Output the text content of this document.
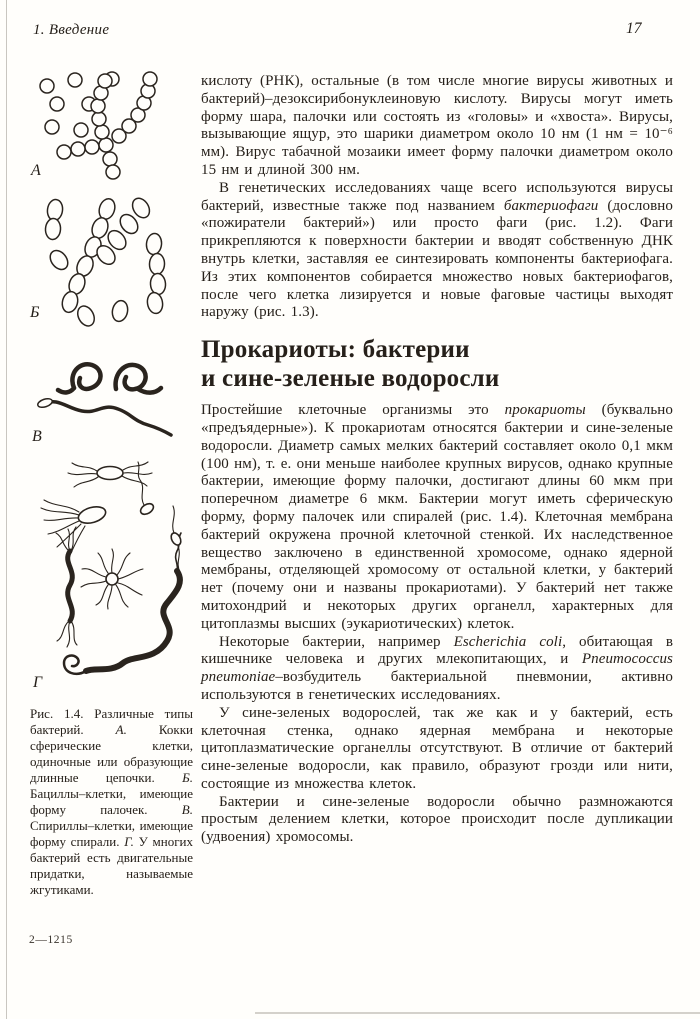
1. Введение	17
А
Б
В
Г

Рис. 1.4. Различные типы бактерий. А. Кокки сферические клетки, одиночные или образующие длинные цепочки. Б. Бациллы–клетки, имеющие форму палочек. В. Спириллы–клетки, имеющие форму спирали. Г. У многих бактерий есть двигательные придатки, называемые жгутиками.

2—1215

кислоту (РНК), остальные (в том числе многие вирусы животных и бактерий)–дезоксирибонуклеиновую кислоту. Вирусы могут иметь форму шара, палочки или состоять из «головы» и «хвоста». Вирусы, вызывающие ящур, это шарики диаметром около 10 нм (1 нм = 10⁻⁶ мм). Вирус табачной мозаики имеет форму палочки диаметром около 15 нм и длиной 300 нм.

В генетических исследованиях чаще всего используются вирусы бактерий, известные также под названием бактериофаги (дословно «пожиратели бактерий») или просто фаги (рис. 1.2). Фаги прикрепляются к поверхности бактерии и вводят собственную ДНК внутрь клетки, заставляя ее синтезировать компоненты бактериофага. Из этих компонентов собирается множество новых бактериофагов, после чего клетка лизируется и новые фаговые частицы выходят наружу (рис. 1.3).

Прокариоты: бактерии
и сине-зеленые водоросли

Простейшие клеточные организмы это прокариоты (буквально «предъядерные»). К прокариотам относятся бактерии и сине-зеленые водоросли. Диаметр самых мелких бактерий составляет около 0,1 мкм (100 нм), т. е. они меньше наиболее крупных вирусов, однако крупные бактерии, имеющие форму палочки, достигают длины 60 мкм при поперечном диаметре 6 мкм. Бактерии могут иметь сферическую форму, форму палочек или спиралей (рис. 1.4). Клеточная мембрана бактерий окружена прочной клеточной стенкой. Их наследственное вещество заключено в единственной хромосоме, однако ядерной мембраны, отделяющей хромосому от остальной клетки, у бактерий нет (почему они и названы прокариотами). У бактерий нет также митохондрий и некоторых других органелл, характерных для цитоплазмы высших (эукариотических) клеток.

Некоторые бактерии, например Escherichia coli, обитающая в кишечнике человека и других млекопитающих, и Pneumococcus pneumoniae–возбудитель бактериальной пневмонии, активно используются в генетических исследованиях.

У сине-зеленых водорослей, так же как и у бактерий, есть клеточная стенка, однако ядерная мембрана и некоторые цитоплазматические органеллы отсутствуют. В отличие от бактерий сине-зеленые водоросли, как правило, образуют грозди или нити, состоящие из множества клеток.

Бактерии и сине-зеленые водоросли обычно размножаются простым делением клетки, которое происходит после дупликации (удвоения) хромосомы.
